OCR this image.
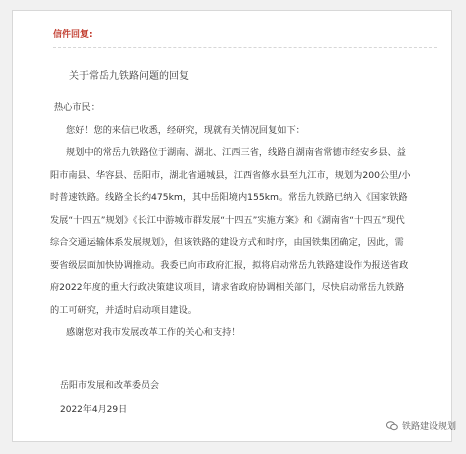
信件回复:
关于常岳九铁路问题的回复

热心市民：

您好！您的来信已收悉，经研究，现就有关情况回复如下：

规划中的常岳九铁路位于湖南、湖北、江西三省，线路自湖南省常德市经安乡县、益阳市南县、华容县、岳阳市，湖北省通城县，江西省修水县至九江市，规划为200公里/小时普速铁路。线路全长约475km，其中岳阳境内155km。常岳九铁路已纳入《国家铁路发展“十四五”规划》《长江中游城市群发展“十四五”实施方案》和《湖南省“十四五”现代综合交通运输体系发展规划》，但该铁路的建设方式和时序，由国铁集团确定，因此，需要省级层面加快协调推动。我委已向市政府汇报，拟将启动常岳九铁路建设作为报送省政府2022年度的重大行政决策建议项目，请求省政府协调相关部门，尽快启动常岳九铁路的工可研究，并适时启动项目建设。

感谢您对我市发展改革工作的关心和支持！

岳阳市发展和改革委员会
2022年4月29日
铁路建设规划
